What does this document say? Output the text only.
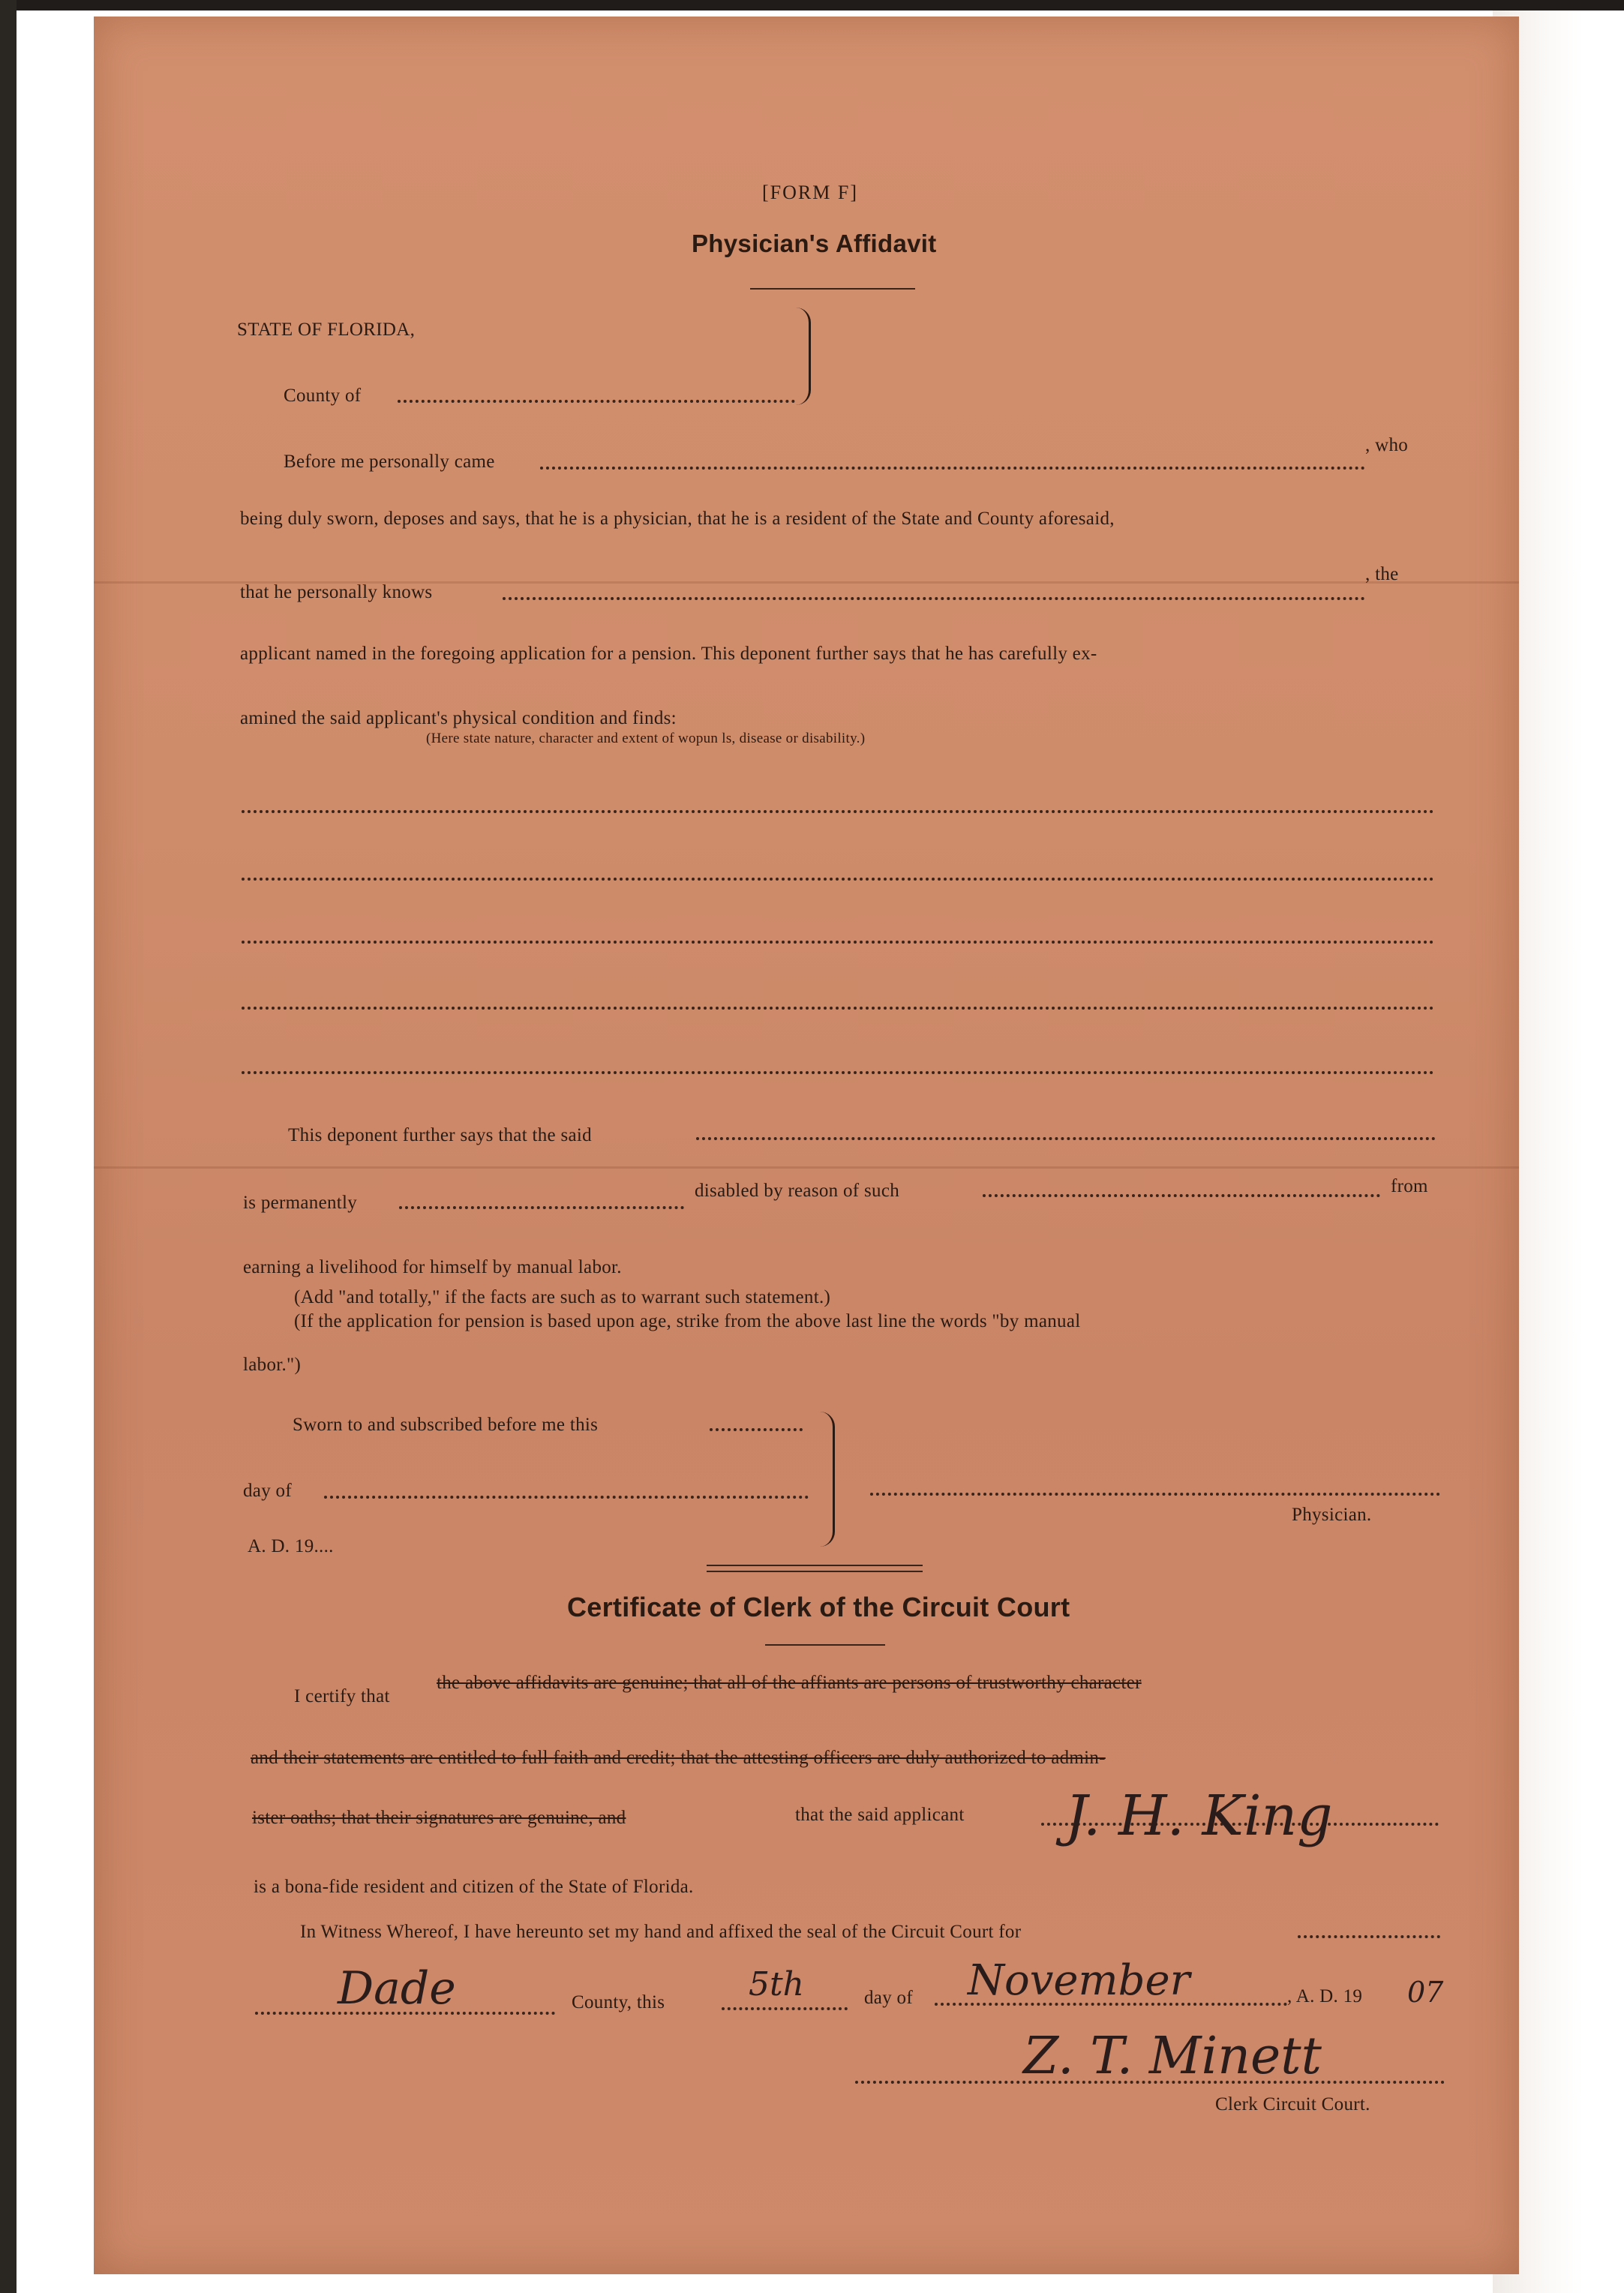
[FORM F]
Physician's Affidavit
STATE OF FLORIDA,
County of
Before me personally came
, who
being duly sworn, deposes and says, that he is a physician, that he is a resident of the State and County aforesaid,
that he personally knows
, the
applicant named in the foregoing application for a pension. This deponent further says that he has carefully ex-
amined the said applicant's physical condition and finds:
(Here state nature, character and extent of wopun ls, disease or disability.)
This deponent further says that the said
is permanently
disabled by reason of such	from
earning a livelihood for himself by manual labor.
(Add "and totally," if the facts are such as to warrant such statement.)
(If the application for pension is based upon age, strike from the above last line the words "by manual
labor.")
Sworn to and subscribed before me this
day of
A. D. 19....
Physician.
Certificate of Clerk of the Circuit Court
I certify that
the above affidavits are genuine; that all of the affiants are persons of trustworthy character
and their statements are entitled to full faith and credit; that the attesting officers are duly authorized to admin-
ister oaths; that their signatures are genuine, and	that the said applicant J. H. King
is a bona-fide resident and citizen of the State of Florida.
In Witness Whereof, I have hereunto set my hand and affixed the seal of the Circuit Court for
Dade	County, this	5th	day of November	, A. D. 19 07
Z. T. Minett
Clerk Circuit Court.
